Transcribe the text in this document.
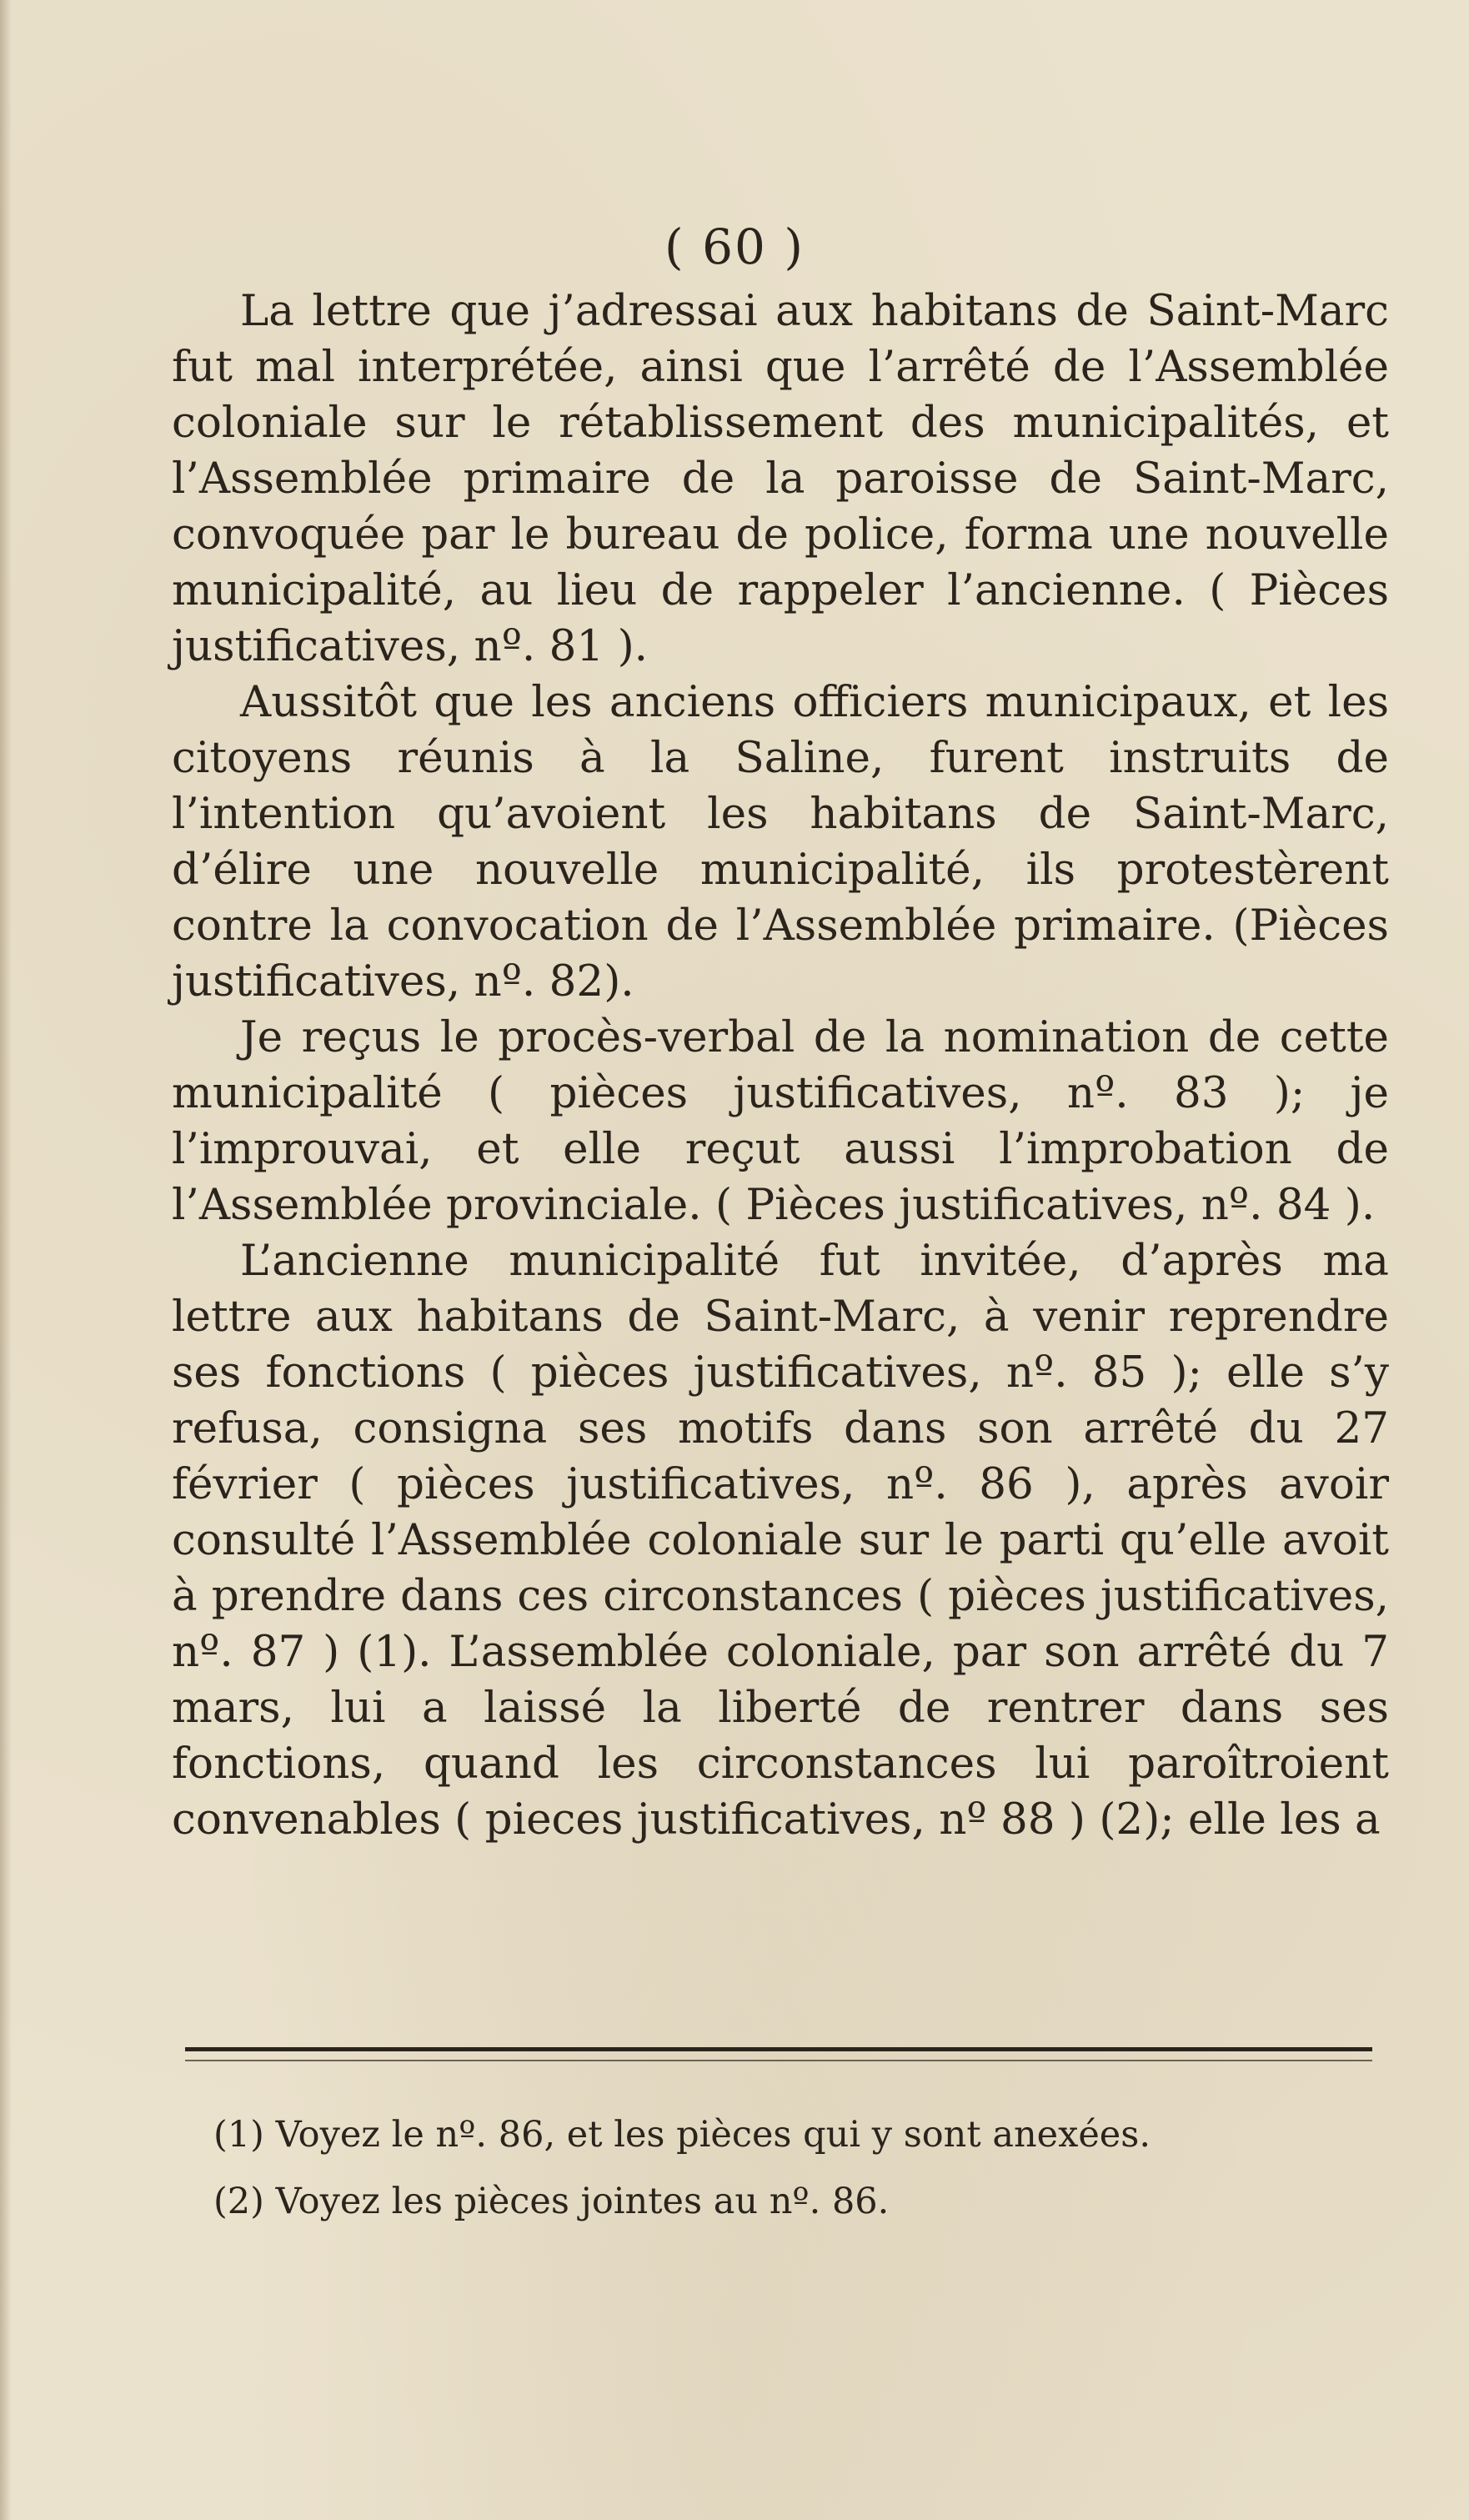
( 60 )

La lettre que j’adressai aux habitans de Saint-Marc fut mal interprétée, ainsi que l’arrêté de l’Assemblée coloniale sur le rétablissement des municipalités, et l’Assemblée primaire de la paroisse de Saint-Marc, convoquée par le bureau de police, forma une nouvelle municipalité, au lieu de rappeler l’ancienne. ( Pièces justificatives, nº. 81 ).

Aussitôt que les anciens officiers municipaux, et les citoyens réunis à la Saline, furent instruits de l’intention qu’avoient les habitans de Saint-Marc, d’élire une nouvelle municipalité, ils protestèrent contre la convocation de l’Assemblée primaire. (Pièces justificatives, nº. 82).

Je reçus le procès-verbal de la nomination de cette municipalité ( pièces justificatives, nº. 83 ); je l’improuvai, et elle reçut aussi l’improbation de l’Assemblée provinciale. ( Pièces justificatives, nº. 84 ).

L’ancienne municipalité fut invitée, d’après ma lettre aux habitans de Saint-Marc, à venir reprendre ses fonctions ( pièces justificatives, nº. 85 ); elle s’y refusa, consigna ses motifs dans son arrêté du 27 février ( pièces justificatives, nº. 86 ), après avoir consulté l’Assemblée coloniale sur le parti qu’elle avoit à prendre dans ces circonstances ( pièces justificatives, nº. 87 ) (1). L’assemblée coloniale, par son arrêté du 7 mars, lui a laissé la liberté de rentrer dans ses fonctions, quand les circonstances lui paroîtroient convenables ( pieces justificatives, nº 88 ) (2); elle les a

(1) Voyez le nº. 86, et les pièces qui y sont anexées.

(2) Voyez les pièces jointes au nº. 86.
